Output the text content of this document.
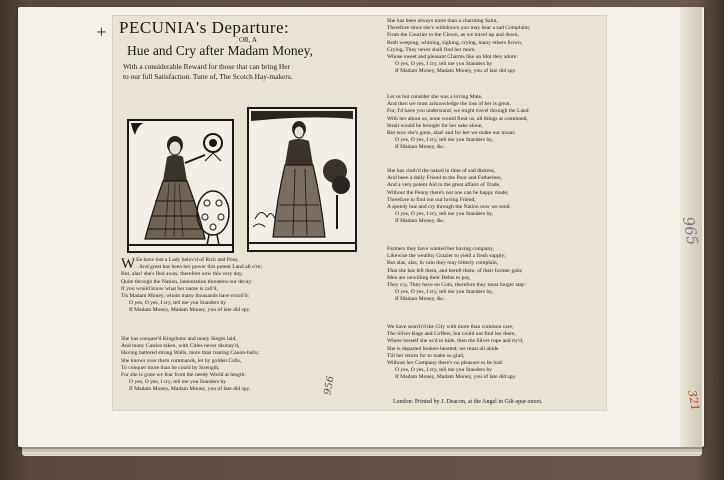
+
965
321
PECUNIA's Departure:
OR, A
Hue and Cry after Madam Money,
With a considerable Reward for those that can bring Her
to our full Satisfaction. Tune of, The Scotch Hay-makers.
W Ee have lost a Lady belov'd of Rich and Poor,
And great has been her power this potent Land all o're;
But, alas! she's fled away, therefore now this very day,
Quite through the Nation, lamentation threatens our decay:
If you would know what her name is call'd,
Tis Madam Money, whom many thousands have extoll'd:
O yes, O yes, I cry, tell me you Standers by
If Madam Money, Madam Money, you of late did spy.
She has conquer'd Kingdoms and many Sieges laid,
And many Castles taken, with Cities never dismay'd,
Having battered strong Walls, more than roaring Canon-balls;
She knows over them commands, let by golden Calls,
To conquer more than be could by Strength,
For she is gone we fear from the needy World at length:
O yes, O yes, I cry, tell me you Standers by
If Madam Money, Madam Money, you of late did spy.
She has been always more than a charming Saint,
Therefore since she's withdrawn you may hear a sad Complaint,
From the Courtier to the Clown, as we travel up and down,
Both weeping, whining, sighing, crying, many others frown,
Crying, They never shall find her more,
Whose sweet and pleasant Charms like an Idol they adore:
O yes, O yes, I cry, tell me you Standers by
If Madam Money, Madam Money, you of late did spy.
Let us but consider she was a loving Mate,
And then we must acknowledge the loss of her is great,
For, I'd have you understand, we might travel through the Land
With her about us, none would flout us, all things at command,
Strait would be brought for her sake alone,
But now she's gone, alas! and for her we make our moan:
O yes, O yes, I cry, tell me you Standers by,
If Madam Money, &c.
She has cloth'd the naked in time of sad distress,
And been a daily Friend to the Poor and Fatherless,
And a very potent Aid to the great affairs of Trade,
Without the Penny there's not one can be happy made;
Therefore to find out our loving Friend,
A speedy hue and cry through the Nation now we send:
O yes, O yes, I cry, tell me you Standers by,
If Madam Money, &c.
Farmers they have wanted her having company,
Likewise the wealthy Grazier to yield a fresh supply;
But alas, alas, in vain they may bitterly complain,
That she has left them, and bereft them, of their former gain;
Men are unwilling their Debts to pay,
They cry, They have no Coin, therefore they must longer stay:
O yes, O yes, I cry, tell me you Standers by,
If Madam Money, &c.
We have search'd the City with more than common care,
The Silver Bags and Coffers, but could not find her there,
Where herself she us'd to hide, then the Silver rope and try'd,
She is departed broken-hearted, we must all abide
Till her return for to make us glad,
Without her Company there's no pleasure to be had:
O yes, O yes, I cry, tell me you Standers by
If Madam Money, Madam Money, you of late did spy.
London: Printed by J. Deacon, at the Angel in Gilt-spur-street.
956
